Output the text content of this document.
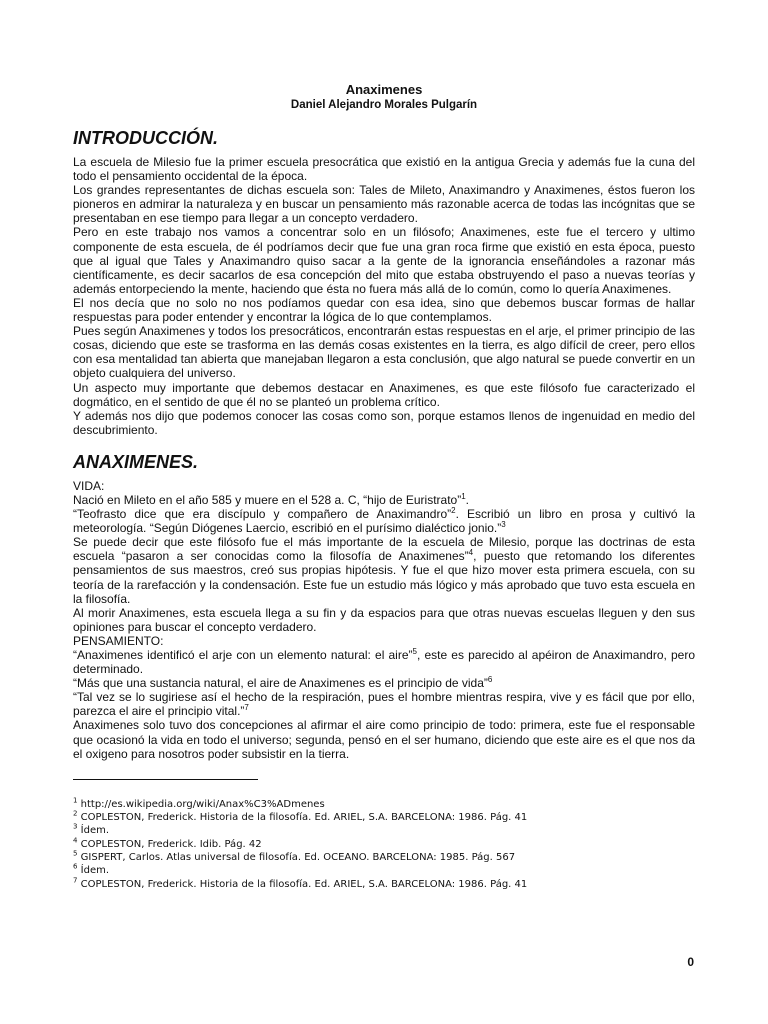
Anaximenes

Daniel Alejandro Morales Pulgarín

INTRODUCCIÓN.

La escuela de Milesio fue la primer escuela presocrática que existió en la antigua Grecia y además fue la cuna del todo el pensamiento occidental de la época.

Los grandes representantes de dichas escuela son: Tales de Mileto, Anaximandro y Anaximenes, éstos fueron los pioneros en admirar la naturaleza y en buscar un pensamiento más razonable acerca de todas las incógnitas que se presentaban en ese tiempo para llegar a un concepto verdadero.

Pero en este trabajo nos vamos a concentrar solo en un filósofo; Anaximenes, este fue el tercero y ultimo componente de esta escuela, de él podríamos decir que fue una gran roca firme que existió en esta época, puesto que al igual que Tales y Anaximandro quiso sacar a la gente de la ignorancia enseñándoles a razonar más científicamente, es decir sacarlos de esa concepción del mito que estaba obstruyendo el paso a nuevas teorías y además entorpeciendo la mente, haciendo que ésta no fuera más allá de lo común, como lo quería Anaximenes.

El nos decía que no solo no nos podíamos quedar con esa idea, sino que debemos buscar formas de hallar respuestas para poder entender y encontrar la lógica de lo que contemplamos.

Pues según Anaximenes y todos los presocráticos, encontrarán estas respuestas en el arje, el primer principio de las cosas, diciendo que este se trasforma en las demás cosas existentes en la tierra, es algo difícil de creer, pero ellos con esa mentalidad tan abierta que manejaban llegaron a esta conclusión, que algo natural se puede convertir en un objeto cualquiera del universo.

Un aspecto muy importante que debemos destacar en Anaximenes, es que este filósofo fue caracterizado el dogmático, en el sentido de que él no se planteó un problema crítico.

Y además nos dijo que podemos conocer las cosas como son, porque estamos llenos de ingenuidad en medio del descubrimiento.

ANAXIMENES.

VIDA:

Nació en Mileto en el año 585 y muere en el 528 a. C, “hijo de Euristrato”$^1$.

“Teofrasto dice que era discípulo y compañero de Anaximandro”$^2$. Escribió un libro en prosa y cultivó la meteorología. “Según Diógenes Laercio, escribió en el purísimo dialéctico jonio.”$^3$

Se puede decir que este filósofo fue el más importante de la escuela de Milesio, porque las doctrinas de esta escuela “pasaron a ser conocidas como la filosofía de Anaximenes”$^4$, puesto que retomando los diferentes pensamientos de sus maestros, creó sus propias hipótesis. Y fue el que hizo mover esta primera escuela, con su teoría de la rarefacción y la condensación. Este fue un estudio más lógico y más aprobado que tuvo esta escuela en la filosofía.

Al morir Anaximenes, esta escuela llega a su fin y da espacios para que otras nuevas escuelas lleguen y den sus opiniones para buscar el concepto verdadero.

PENSAMIENTO:

“Anaximenes identificó el arje con un elemento natural: el aire”$^5$, este es parecido al apéiron de Anaximandro, pero determinado.

“Más que una sustancia natural, el aire de Anaximenes es el principio de vida”$^6$

“Tal vez se lo sugiriese así el hecho de la respiración, pues el hombre mientras respira, vive y es fácil que por ello, parezca el aire el principio vital.”$^7$

Anaximenes solo tuvo dos concepciones al afirmar el aire como principio de todo: primera, este fue el responsable que ocasionó la vida en todo el universo; segunda, pensó en el ser humano, diciendo que este aire es el que nos da el oxigeno para nosotros poder subsistir en la tierra.

$^1$ http://es.wikipedia.org/wiki/Anax%C3%ADmenes

$^2$ COPLESTON, Frederick. Historia de la filosofía. Ed. ARIEL, S.A. BARCELONA: 1986. Pág. 41

$^3$ Ídem.

$^4$ COPLESTON, Frederick. Idib. Pág. 42

$^5$ GISPERT, Carlos. Atlas universal de filosofía. Ed. OCEANO. BARCELONA: 1985. Pág. 567

$^6$ Ídem.

$^7$ COPLESTON, Frederick. Historia de la filosofía. Ed. ARIEL, S.A. BARCELONA: 1986. Pág. 41

0
